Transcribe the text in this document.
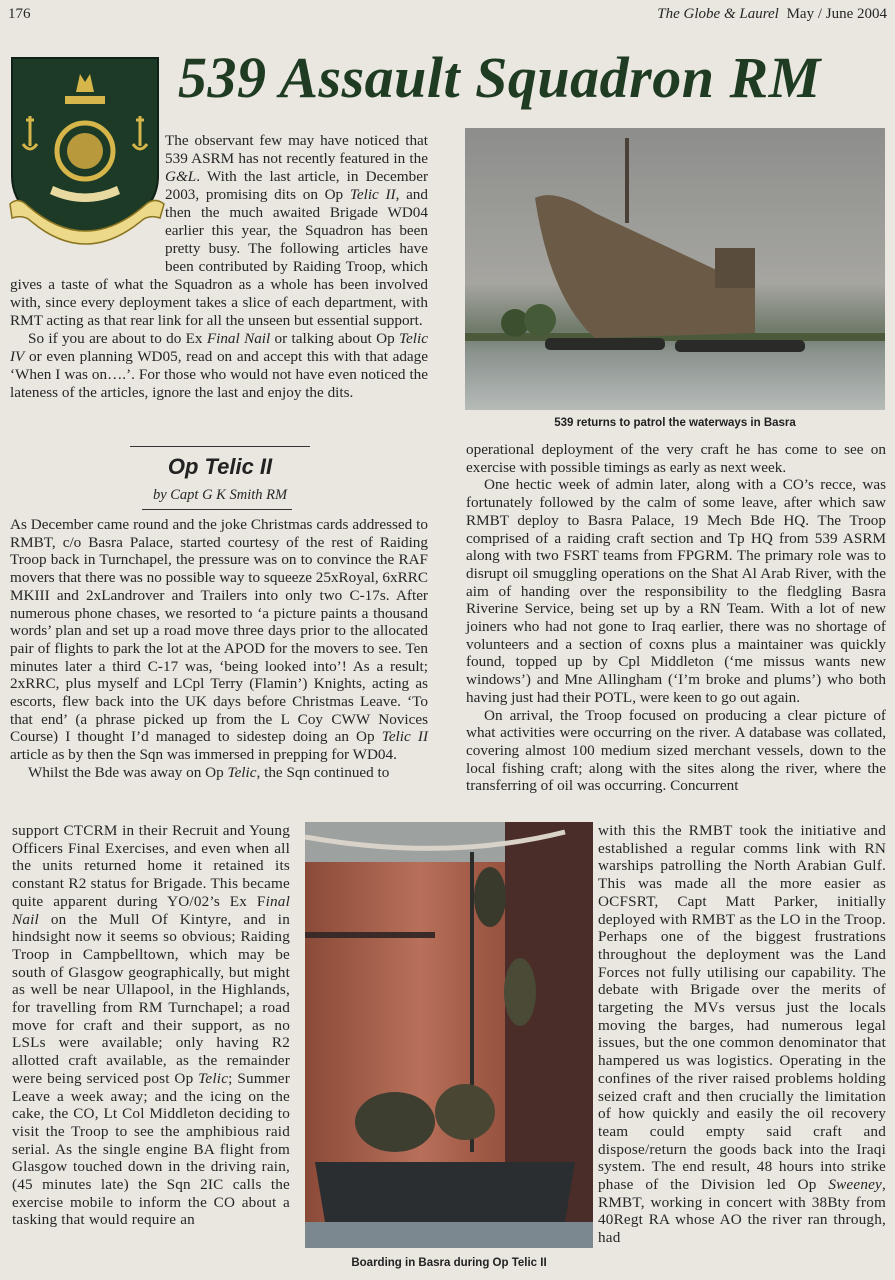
176	The Globe & Laurel May / June 2004
539 Assault Squadron RM

The observant few may have noticed that 539 ASRM has not recently featured in the G&L. With the last article, in December 2003, promising dits on Op Telic II, and then the much awaited Brigade WD04 earlier this year, the Squadron has been pretty busy. The following articles have been contributed by Raiding Troop, which gives a taste of what the Squadron as a whole has been involved with, since every deployment takes a slice of each department, with RMT acting as that rear link for all the unseen but essential support.

So if you are about to do Ex Final Nail or talking about Op Telic IV or even planning WD05, read on and accept this with that adage ‘When I was on….’. For those who would not have even noticed the lateness of the articles, ignore the last and enjoy the dits.

Op Telic II
by Capt G K Smith RM

As December came round and the joke Christmas cards addressed to RMBT, c/o Basra Palace, started courtesy of the rest of Raiding Troop back in Turnchapel, the pressure was on to convince the RAF movers that there was no possible way to squeeze 25xRoyal, 6xRRC MKIII and 2xLandrover and Trailers into only two C-17s. After numerous phone chases, we resorted to ‘a picture paints a thousand words’ plan and set up a road move three days prior to the allocated pair of flights to park the lot at the APOD for the movers to see. Ten minutes later a third C-17 was, ‘being looked into’! As a result; 2xRRC, plus myself and LCpl Terry (Flamin’) Knights, acting as escorts, flew back into the UK days before Christmas Leave. ‘To that end’ (a phrase picked up from the L Coy CWW Novices Course) I thought I’d managed to sidestep doing an Op Telic II article as by then the Sqn was immersed in prepping for WD04.

Whilst the Bde was away on Op Telic, the Sqn continued to

support CTCRM in their Recruit and Young Officers Final Exercises, and even when all the units returned home it retained its constant R2 status for Brigade. This became quite apparent during YO/02’s Ex Final Nail on the Mull Of Kintyre, and in hindsight now it seems so obvious; Raiding Troop in Campbelltown, which may be south of Glasgow geographically, but might as well be near Ullapool, in the Highlands, for travelling from RM Turnchapel; a road move for craft and their support, as no LSLs were available; only having R2 allotted craft available, as the remainder were being serviced post Op Telic; Summer Leave a week away; and the icing on the cake, the CO, Lt Col Middleton deciding to visit the Troop to see the amphibious raid serial. As the single engine BA flight from Glasgow touched down in the driving rain, (45 minutes late) the Sqn 2IC calls the exercise mobile to inform the CO about a tasking that would require an

539 returns to patrol the waterways in Basra

operational deployment of the very craft he has come to see on exercise with possible timings as early as next week.

One hectic week of admin later, along with a CO’s recce, was fortunately followed by the calm of some leave, after which saw RMBT deploy to Basra Palace, 19 Mech Bde HQ. The Troop comprised of a raiding craft section and Tp HQ from 539 ASRM along with two FSRT teams from FPGRM. The primary role was to disrupt oil smuggling operations on the Shat Al Arab River, with the aim of handing over the responsibility to the fledgling Basra Riverine Service, being set up by a RN Team. With a lot of new joiners who had not gone to Iraq earlier, there was no shortage of volunteers and a section of coxns plus a maintainer was quickly found, topped up by Cpl Middleton (‘me missus wants new windows’) and Mne Allingham (‘I’m broke and plums’) who both having just had their POTL, were keen to go out again.

On arrival, the Troop focused on producing a clear picture of what activities were occurring on the river. A database was collated, covering almost 100 medium sized merchant vessels, down to the local fishing craft; along with the sites along the river, where the transferring of oil was occurring. Concurrent

with this the RMBT took the initiative and established a regular comms link with RN warships patrolling the North Arabian Gulf. This was made all the more easier as OCFSRT, Capt Matt Parker, initially deployed with RMBT as the LO in the Troop. Perhaps one of the biggest frustrations throughout the deployment was the Land Forces not fully utilising our capability. The debate with Brigade over the merits of targeting the MVs versus just the locals moving the barges, had numerous legal issues, but the one common denominator that hampered us was logistics. Operating in the confines of the river raised problems holding seized craft and then crucially the limitation of how quickly and easily the oil recovery team could empty said craft and dispose/return the goods back into the Iraqi system. The end result, 48 hours into strike phase of the Division led Op Sweeney, RMBT, working in concert with 38Bty from 40Regt RA whose AO the river ran through, had

Boarding in Basra during Op Telic II
